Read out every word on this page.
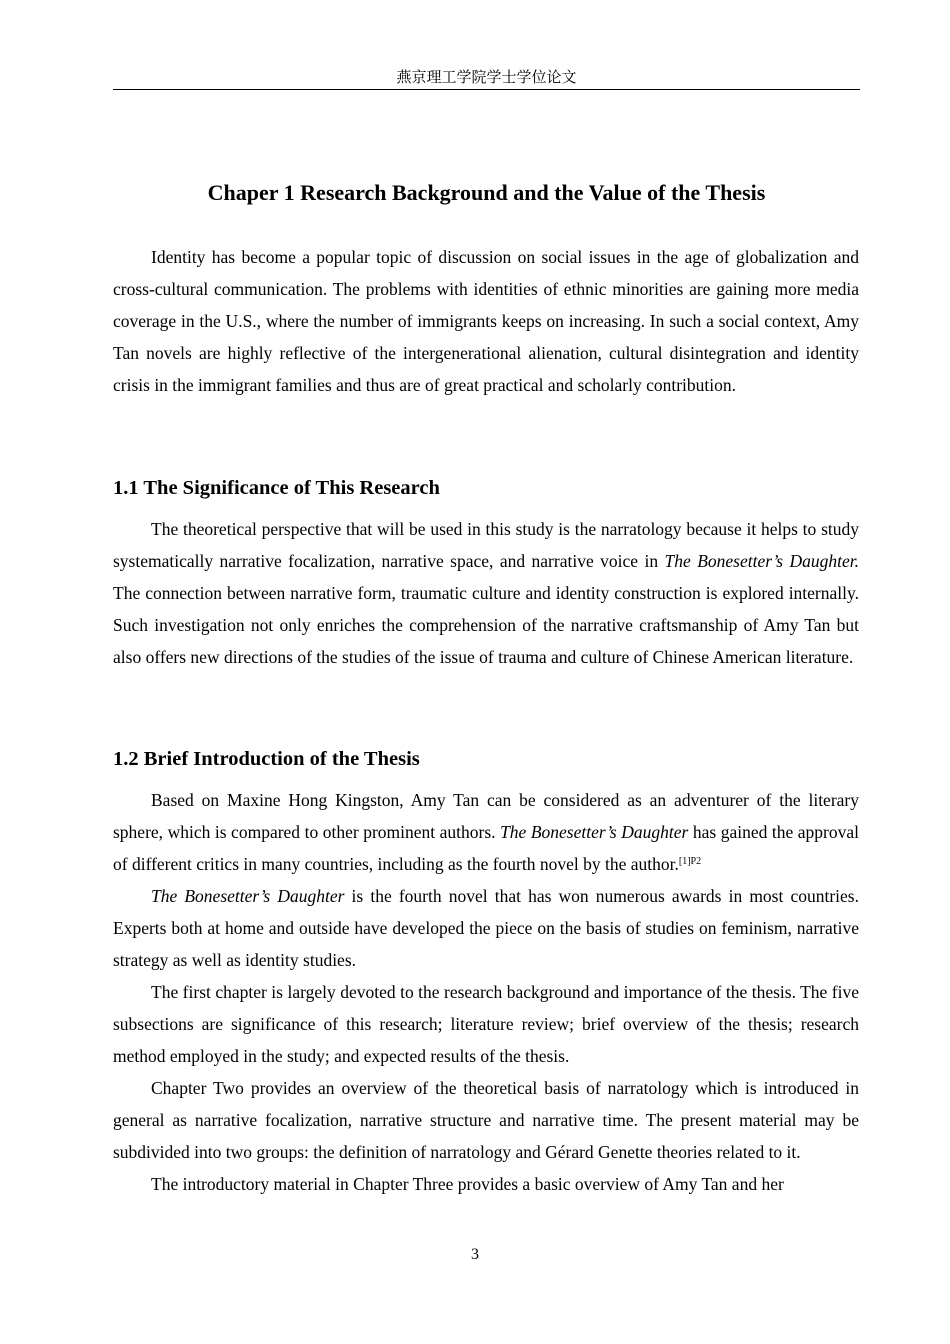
燕京理工学院学士学位论文
Chaper 1 Research Background and the Value of the Thesis

Identity has become a popular topic of discussion on social issues in the age of globalization and cross-cultural communication. The problems with identities of ethnic minorities are gaining more media coverage in the U.S., where the number of immigrants keeps on increasing. In such a social context, Amy Tan novels are highly reflective of the intergenerational alienation, cultural disintegration and identity crisis in the immigrant families and thus are of great practical and scholarly contribution.

1.1 The Significance of This Research

The theoretical perspective that will be used in this study is the narratology because it helps to study systematically narrative focalization, narrative space, and narrative voice in The Bonesetter’s Daughter. The connection between narrative form, traumatic culture and identity construction is explored internally. Such investigation not only enriches the comprehension of the narrative craftsmanship of Amy Tan but also offers new directions of the studies of the issue of trauma and culture of Chinese American literature.

1.2 Brief Introduction of the Thesis

Based on Maxine Hong Kingston, Amy Tan can be considered as an adventurer of the literary sphere, which is compared to other prominent authors. The Bonesetter’s Daughter has gained the approval of different critics in many countries, including as the fourth novel by the author.$^{[1]P2}$

The Bonesetter’s Daughter is the fourth novel that has won numerous awards in most countries. Experts both at home and outside have developed the piece on the basis of studies on feminism, narrative strategy as well as identity studies.

The first chapter is largely devoted to the research background and importance of the thesis. The five subsections are significance of this research; literature review; brief overview of the thesis; research method employed in the study; and expected results of the thesis.

Chapter Two provides an overview of the theoretical basis of narratology which is introduced in general as narrative focalization, narrative structure and narrative time. The present material may be subdivided into two groups: the definition of narratology and Gérard Genette theories related to it.

The introductory material in Chapter Three provides a basic overview of Amy Tan and her

3
